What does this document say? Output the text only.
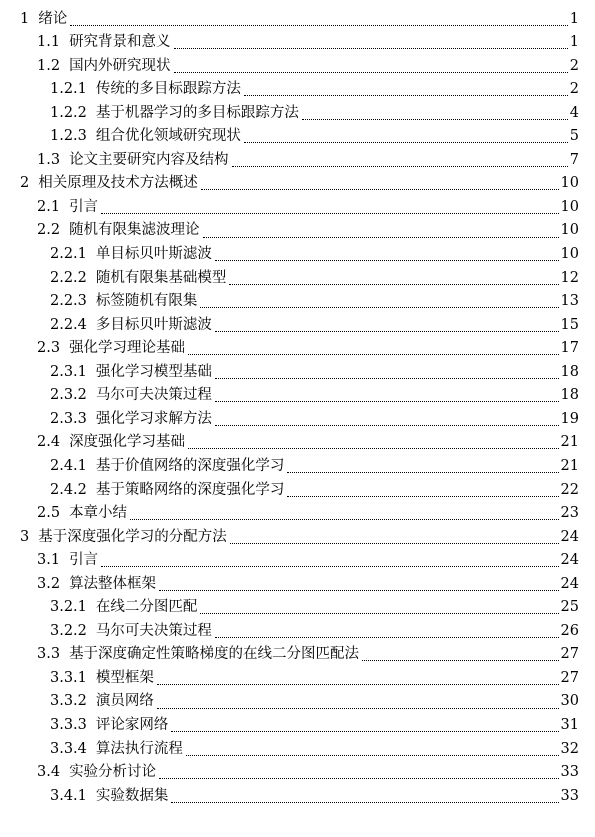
1 绪论	1
1.1 研究背景和意义	1
1.2 国内外研究现状	2
1.2.1 传统的多目标跟踪方法	2
1.2.2 基于机器学习的多目标跟踪方法	4
1.2.3 组合优化领域研究现状	5
1.3 论文主要研究内容及结构	7
2 相关原理及技术方法概述	10
2.1 引言	10
2.2 随机有限集滤波理论	10
2.2.1 单目标贝叶斯滤波	10
2.2.2 随机有限集基础模型	12
2.2.3 标签随机有限集	13
2.2.4 多目标贝叶斯滤波	15
2.3 强化学习理论基础	17
2.3.1 强化学习模型基础	18
2.3.2 马尔可夫决策过程	18
2.3.3 强化学习求解方法	19
2.4 深度强化学习基础	21
2.4.1 基于价值网络的深度强化学习	21
2.4.2 基于策略网络的深度强化学习	22
2.5 本章小结	23
3 基于深度强化学习的分配方法	24
3.1 引言	24
3.2 算法整体框架	24
3.2.1 在线二分图匹配	25
3.2.2 马尔可夫决策过程	26
3.3 基于深度确定性策略梯度的在线二分图匹配法	27
3.3.1 模型框架	27
3.3.2 演员网络	30
3.3.3 评论家网络	31
3.3.4 算法执行流程	32
3.4 实验分析讨论	33
3.4.1 实验数据集	33
